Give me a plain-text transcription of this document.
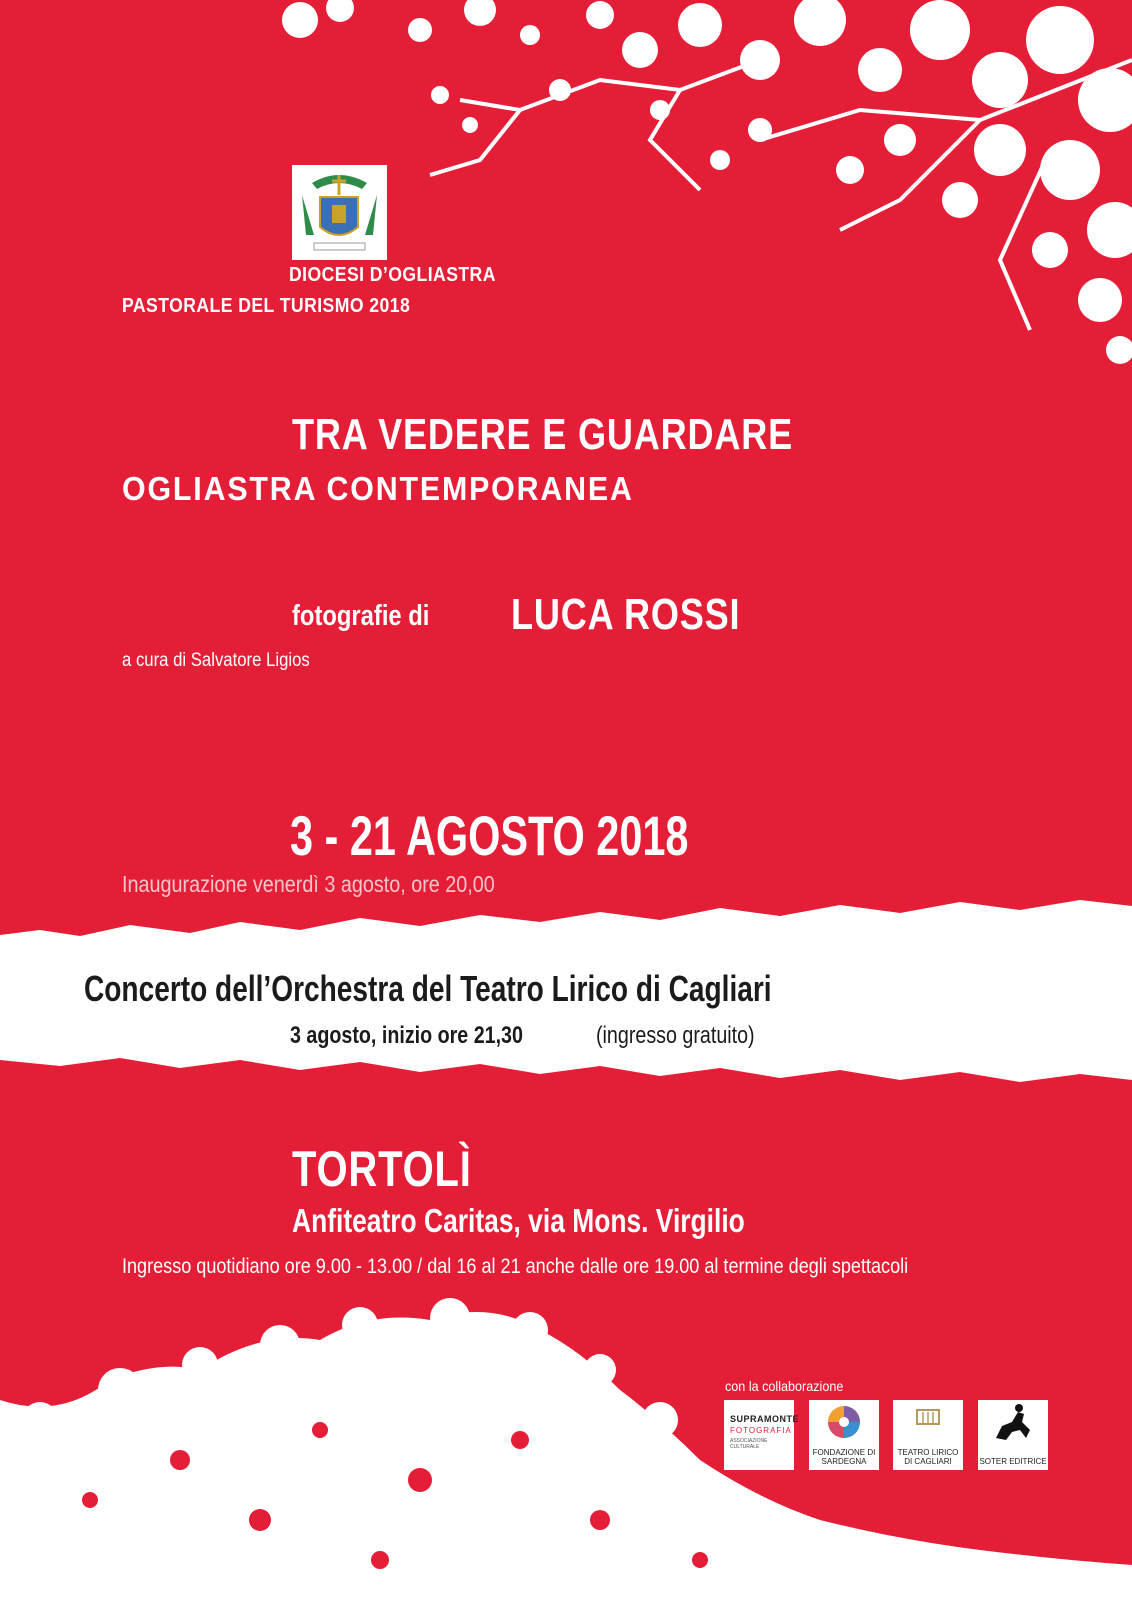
DIOCESI D’OGLIASTRA
PASTORALE DEL TURISMO 2018
TRA VEDERE E GUARDARE
OGLIASTRA CONTEMPORANEA
fotografie di LUCA ROSSI
a cura di Salvatore Ligios
3 - 21 AGOSTO 2018
Inaugurazione venerdì 3 agosto, ore 20,00
Concerto dell’Orchestra del Teatro Lirico di Cagliari
3 agosto, inizio ore 21,30	(ingresso gratuito)
TORTOLÌ
Anfiteatro Caritas, via Mons. Virgilio
Ingresso quotidiano ore 9.00 - 13.00 / dal 16 al 21 anche dalle ore 19.00 al termine degli spettacoli
con la collaborazione
SUPRAMONTE
FOTOGRAFIA
ASSOCIAZIONE CULTURALE
FONDAZIONE DI SARDEGNA
TEATRO LIRICO DI CAGLIARI	SOTER EDITRICE
